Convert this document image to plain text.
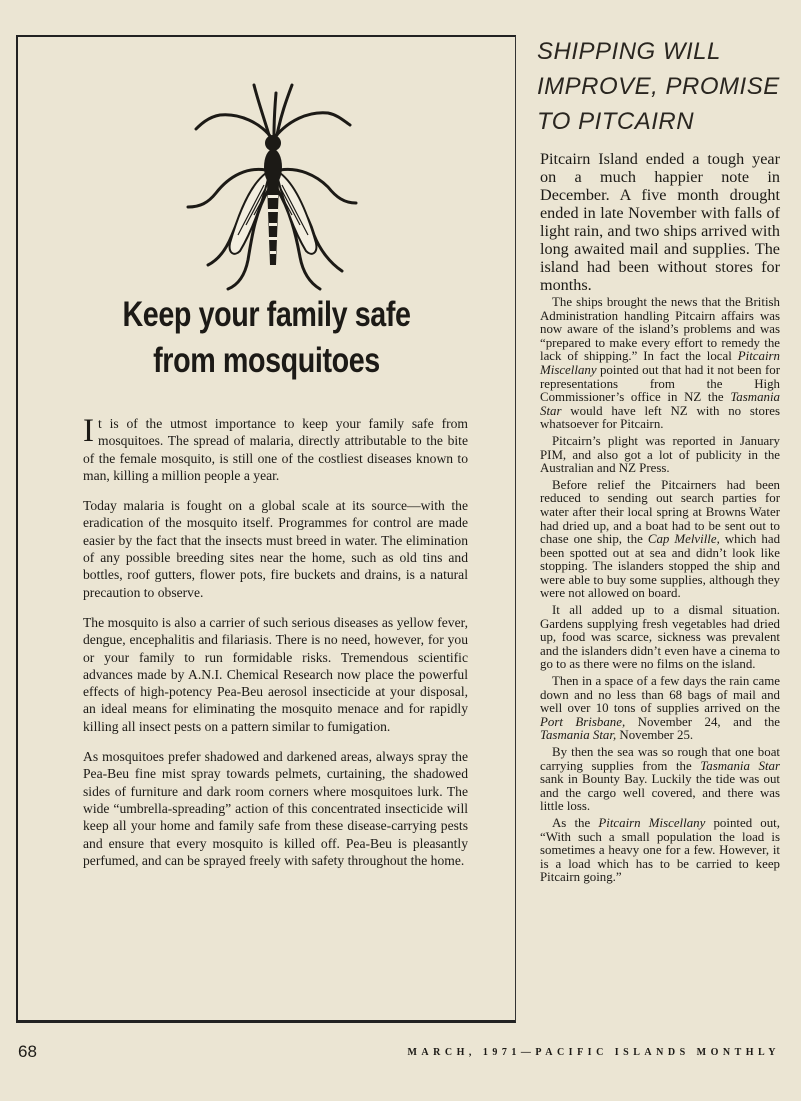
Keep your family safe
from mosquitoes

It is of the utmost importance to keep your family safe from mosquitoes. The spread of malaria, directly attributable to the bite of the female mosquito, is still one of the costliest diseases known to man, killing a million people a year.

Today malaria is fought on a global scale at its source—with the eradication of the mosquito itself. Programmes for control are made easier by the fact that the insects must breed in water. The elimination of any possible breeding sites near the home, such as old tins and bottles, roof gutters, flower pots, fire buckets and drains, is a natural precaution to observe.

The mosquito is also a carrier of such serious diseases as yellow fever, dengue, encephalitis and filariasis. There is no need, however, for you or your family to run formidable risks. Tremendous scientific advances made by A.N.I. Chemical Research now place the powerful effects of high-potency Pea-Beu aerosol insecticide at your disposal, an ideal means for eliminating the mosquito menace and for rapidly killing all insect pests on a pattern similar to fumigation.

As mosquitoes prefer shadowed and darkened areas, always spray the Pea-Beu fine mist spray towards pelmets, curtaining, the shadowed sides of furniture and dark room corners where mosquitoes lurk. The wide “umbrella-spreading” action of this concentrated insecticide will keep all your home and family safe from these disease-carrying pests and ensure that every mosquito is killed off. Pea-Beu is pleasantly perfumed, and can be sprayed freely with safety throughout the home.

SHIPPING WILL
IMPROVE, PROMISE
TO PITCAIRN
Pitcairn Island ended a tough year on a much happier note in December. A five month drought ended in late November with falls of light rain, and two ships arrived with long awaited mail and supplies. The island had been without stores for months.

The ships brought the news that the British Administration handling Pitcairn affairs was now aware of the island’s problems and was “prepared to make every effort to remedy the lack of shipping.” In fact the local Pitcairn Miscellany pointed out that had it not been for representations from the High Commissioner’s office in NZ the Tasmania Star would have left NZ with no stores whatsoever for Pitcairn.

Pitcairn’s plight was reported in January PIM, and also got a lot of publicity in the Australian and NZ Press.

Before relief the Pitcairners had been reduced to sending out search parties for water after their local spring at Browns Water had dried up, and a boat had to be sent out to chase one ship, the Cap Melville, which had been spotted out at sea and didn’t look like stopping. The islanders stopped the ship and were able to buy some supplies, although they were not allowed on board.

It all added up to a dismal situation. Gardens supplying fresh vegetables had dried up, food was scarce, sickness was prevalent and the islanders didn’t even have a cinema to go to as there were no films on the island.

Then in a space of a few days the rain came down and no less than 68 bags of mail and well over 10 tons of supplies arrived on the Port Brisbane, November 24, and the Tasmania Star, November 25.

By then the sea was so rough that one boat carrying supplies from the Tasmania Star sank in Bounty Bay. Luckily the tide was out and the cargo well covered, and there was little loss.

As the Pitcairn Miscellany pointed out, “With such a small population the load is sometimes a heavy one for a few. However, it is a load which has to be carried to keep Pitcairn going.”

68	MARCH, 1971—PACIFIC ISLANDS MONTHLY
